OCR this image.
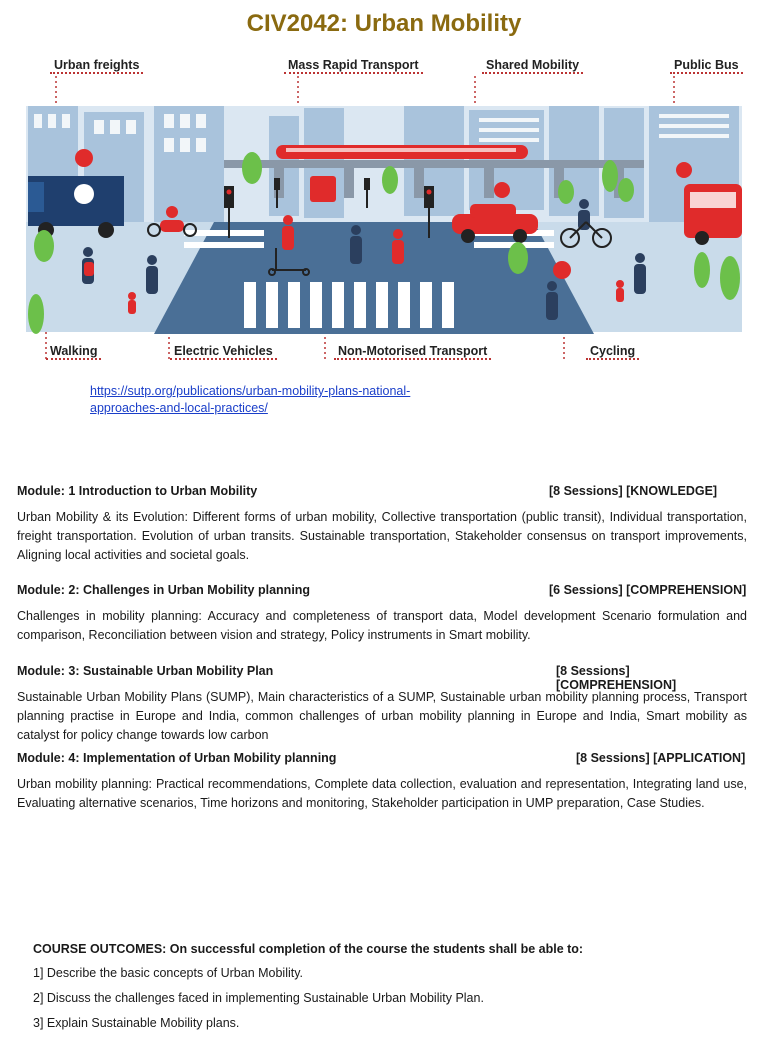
CIV2042: Urban Mobility
Urban freights	Mass Rapid Transport	Shared Mobility	Public Bus
Walking	Electric Vehicles	Non-Motorised Transport	Cycling
https://sutp.org/publications/urban-mobility-plans-national-approaches-and-local-practices/
Module: 1 Introduction to Urban Mobility	[8 Sessions] [KNOWLEDGE]
Urban Mobility & its Evolution: Different forms of urban mobility, Collective transportation (public transit), Individual transportation, freight transportation. Evolution of urban transits. Sustainable transportation, Stakeholder consensus on transport improvements, Aligning local activities and societal goals.
Module: 2: Challenges in Urban Mobility planning	[6 Sessions] [COMPREHENSION]
Challenges in mobility planning: Accuracy and completeness of transport data, Model development Scenario formulation and comparison, Reconciliation between vision and strategy, Policy instruments in Smart mobility.
Module: 3: Sustainable Urban Mobility Plan	[8 Sessions] [COMPREHENSION]
Sustainable Urban Mobility Plans (SUMP), Main characteristics of a SUMP, Sustainable urban mobility planning process, Transport planning practise in Europe and India, common challenges of urban mobility planning in Europe and India, Smart mobility as catalyst for policy change towards low carbon
Module: 4: Implementation of Urban Mobility planning	[8 Sessions] [APPLICATION]
Urban mobility planning: Practical recommendations, Complete data collection, evaluation and representation, Integrating land use, Evaluating alternative scenarios, Time horizons and monitoring, Stakeholder participation in UMP preparation, Case Studies.
COURSE OUTCOMES: On successful completion of the course the students shall be able to:
1] Describe the basic concepts of Urban Mobility.
2] Discuss the challenges faced in implementing Sustainable Urban Mobility Plan.
3] Explain Sustainable Mobility plans.
